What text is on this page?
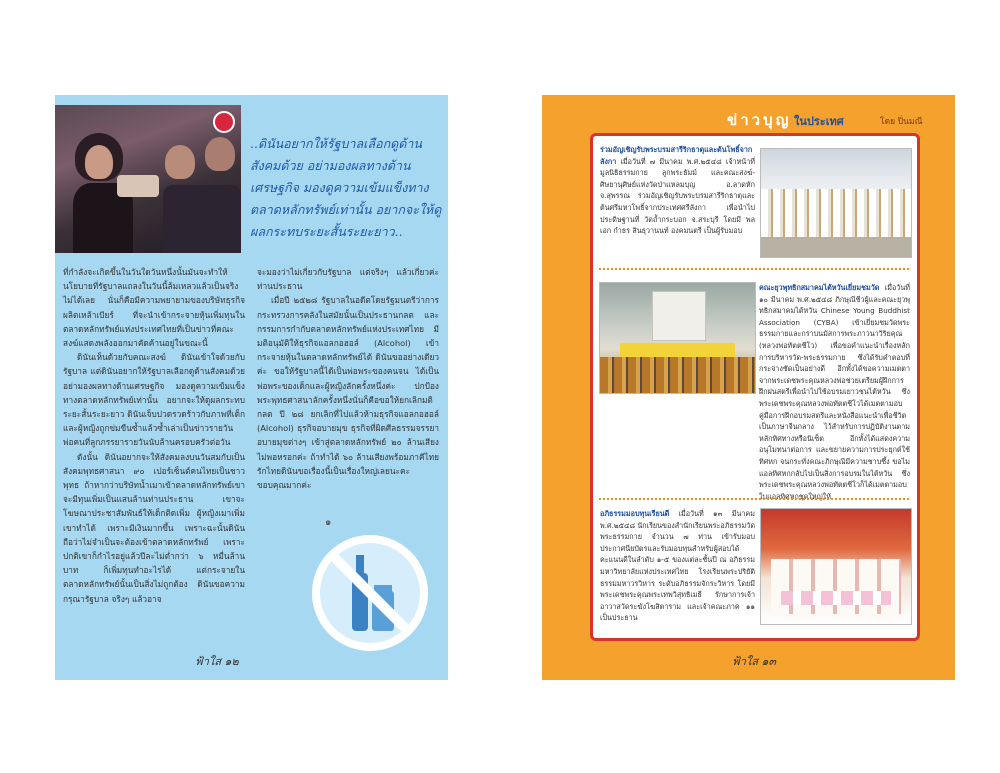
..ดินันอยากให้รัฐบาลเลือกดูด้านสังคมด้วย อย่ามองผลทางด้านเศรษฐกิจ มองดูความเข้มแข็งทางตลาดหลักทรัพย์เท่านั้น อยากจะให้ดูผลกระทบระยะสั้นระยะยาว..

ที่กำลังจะเกิดขึ้นในวันใดวันหนึ่งนั้นมันจะทำให้นโยบายที่รัฐบาลแถลงในวันนี้ล้มเหลวแล้วเป็นจริงไม่ได้เลย นั่นก็คือมีความพยายามของบริษัทธุรกิจผลิตเหล้าเบียร์ ที่จะนำเข้ากระจายหุ้นเพิ่มทุนในตลาดหลักทรัพย์แห่งประเทศไทยที่เป็นข่าวที่คณะสงฆ์แสดงพลังออกมาคัดค้านอยู่ในขณะนี้

ดินันเห็นด้วยกับคณะสงฆ์ ดินันเข้าใจด้วยกับรัฐบาล แต่ดินันอยากให้รัฐบาลเลือกดูด้านสังคมด้วย อย่ามองผลทางด้านเศรษฐกิจ มองดูความเข้มแข็งทางตลาดหลักทรัพย์เท่านั้น อยากจะให้ดูผลกระทบระยะสั้นระยะยาว ดินันเจ็บปวดรวดร้าวกับภาพที่เด็กและผู้หญิงถูกข่มขืนซ้ำแล้วซ้ำเล่าเป็นข่าวรายวัน พ่อคนที่ลูกภรรยารายวันนับล้านครอบครัวต่อวัน

ดังนั้น ดินันอยากจะให้สังคมลงบนวันสมกับเป็นสังคมพุทธศาสนา ๙๐ เปอร์เซ็นต์คนไทยเป็นชาวพุทธ ถ้าหากว่าบริษัทน้ำเมาเข้าตลาดหลักทรัพย์เขาจะมีทุนเพิ่มเป็นแสนล้านท่านประธาน เขาจะโฆษณาประชาสัมพันธ์ให้เด็กติดเพิ่ม ผู้หญิงเมาเพิ่ม เขาทำได้ เพราะมีเงินมากขึ้น เพราะฉะนั้นดินันถือว่าไม่จำเป็นจะต้องเข้าตลาดหลักทรัพย์ เพราะปกติเขาก็กำไรอยู่แล้วปีละไม่ต่ำกว่า ๖ หมื่นล้านบาท ก็เพิ่มทุนทำอะไรได้ แต่กระจายในตลาดหลักทรัพย์นั้นเป็นสิ่งไม่ถูกต้อง ดินันขอความกรุณารัฐบาล จริงๆ แล้วอาจ

จะมองว่าไม่เกี่ยวกับรัฐบาล แต่จริงๆ แล้วเกี่ยวค่ะท่านประธาน

เมื่อปี ๒๕๒๘ รัฐบาลในอดีตโดยรัฐมนตรีว่าการกระทรวงการคลังในสมัยนั้นเป็นประธานกลต และกรรมการกำกับตลาดหลักทรัพย์แห่งประเทศไทย มีมติอนุมัติให้ธุรกิจแอลกอฮอล์ (Alcohol) เข้ากระจายหุ้นในตลาดหลักทรัพย์ได้ ดินันขออย่างเดียวค่ะ ขอให้รัฐบาลนี้ได้เป็นพ่อพระของคนจน ได้เป็นพ่อพระของเด็กและผู้หญิงลักครั้งหนึ่งค่ะ ปกป้องพระพุทธศาสนาลักครั้งหนึ่งนั่นก็คือขอให้ยกเลิกมติ กลต ปี ๒๘ ยกเลิกที่ไปแล้วห้ามธุรกิจแอลกอฮอล์ (Alcohol) ธุรกิจอบายมุข ธุรกิจที่ผิดศีลธรรมจรรยาอบายมุขต่างๆ เข้าสู่ตลาดหลักทรัพย์ ๒๐ ล้านเสียงไม่พอหรอกค่ะ ถ้าทำได้ ๖๐ ล้านเสียงพร้อมภาคีไทยรักไทยดินันขอเรื่องนี้เป็นเรื่องใหญ่เลยนะคะ ขอบคุณมากค่ะ

๑
ฟ้าใส ๑๒
ข่าวบุญ ในประเทศ	โดย ปิ่นมณี
ร่วมอัญเชิญรับพระบรมสารีริกธาตุและต้นโพธิ์จากลังกา เมื่อวันที่ ๗ มีนาคม พ.ศ.๒๕๔๘ เจ้าหน้าที่มูลนิธิธรรมกาย ลูกพระธัมม์ และคณะสงฆ์-ศิษยานุศิษย์แห่งวัดป่าแหลมบุญ อ.ลาดหัก จ.สุพรรณ ร่วมอัญเชิญรับพระบรมสารีริกธาตุและต้นศรีมหาโพธิ์จากประเทศศรีลังกา เพื่อนำไปประดิษฐานที่ วัดถ้ำกระบอก จ.สระบุรี โดยมี พลเอก กำธร สินธุวานนท์ องคมนตรี เป็นผู้รับมอบ
คณะยุวพุทธิกสมาคมไต้หวันเยี่ยมชมวัด เมื่อวันที่ ๑๐ มีนาคม พ.ศ.๒๕๔๘ ภิกษุณีชีวผู้และคณะยุวพุทธิกสมาคมไต้หวัน Chinese Young Buddhist Association (CYBA) เข้าเยี่ยมชมวัดพระธรรมกายและกราบนมัสการพระภาวนาวิริยคุณ (หลวงพ่อทัตตชีโว) เพื่อขอคำแนะนำเรื่องหลักการบริหารวัด-พระธรรมกาย ซึ่งได้รับคำตอบที่กระจ่างชัดเป็นอย่างดี อีกทั้งได้ขอความเมตตาจากพระเดชพระคุณหลวงพ่อช่วยเตรียมผู้ฝึกการฝึกฝนสตรีเพื่อนำไปใช้อบรมเยาวชนไต้หวัน ซึ่งพระเดชพระคุณหลวงพ่อทัตตชีโวได้เมตตามอบคู่มือการฝึกอบรมสตรีและหนังสือแนะนำเพื่อชีวิตเป็นภาษาจีนกลาง ไว้สำหรับการปฏิบัติงานตามหลักทิศทางหรือนิเซ็ต อีกทั้งได้แสดงความอนุโมทนาต่อการ และขยายความการประยุกต์ใช้ทิศหก จนกระทั่งคณะภิกษุณีมีความชาบซึ้ง ขอไมแอลทิศหกกลับไปเป็นสิ่งการอบรมในไต้หวัน ซึ่งพระเดชพระคุณหลวงพ่อทัตตชีโวก็ได้เมตตามอบใบแอลทิศหกชุดใหญ่ให้
อภิธรรมมอบทุนเรียนดี เมื่อวันที่ ๑๓ มีนาคม พ.ศ.๒๕๔๘ นักเรียนของสำนักเรียนพระอภิธรรมวัดพระธรรมกาย จำนวน ๗ ท่าน เข้ารับมอบประกาศนียบัตรและรับมอบทุนสำหรับผู้สอบได้คะแนนดีในลำดับ ๑-๕ ของแต่ละชั้นปี ณ อภิธรรมมหาวิทยาลัยแห่งประเทศไทย โรงเรียนพระปริยัติธรรมมหาวรวิหาร ระดับอภิธรรมจักระวิหาร โดยมีพระเดชพระคุณพระเทพวิสุทธิเมธี รักษาการเจ้าอาวาสวัดระฆังโฆสิตาราม และเจ้าคณะภาค ๑๑ เป็นประธาน
ฟ้าใส ๑๓
